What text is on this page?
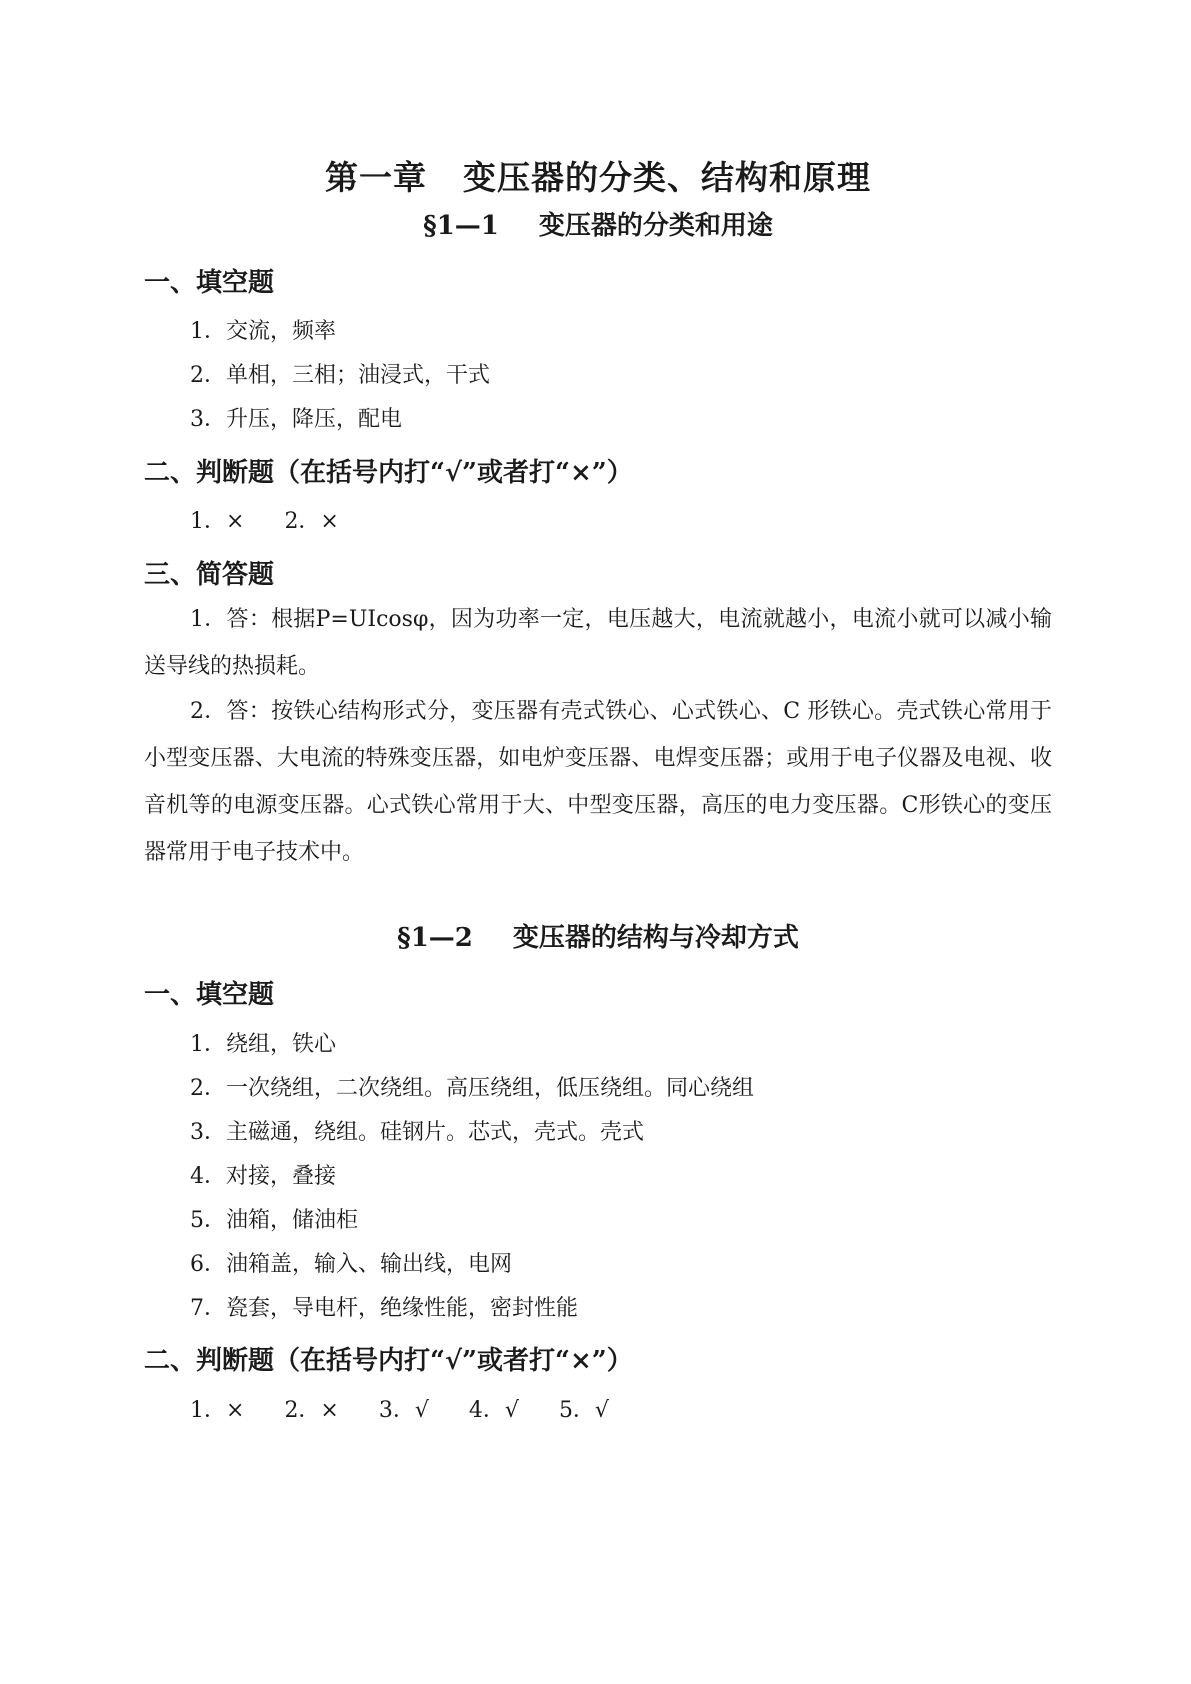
第一章 变压器的分类、结构和原理
§1—1 变压器的分类和用途
一、填空题
1．交流，频率
2．单相，三相；油浸式，干式
3．升压，降压，配电
二、判断题（在括号内打“√”或者打“×”）
1．× 2．×
三、简答题
1．答：根据P=UIcosφ，因为功率一定，电压越大，电流就越小，电流小就可以减小输送导线的热损耗。
2．答：按铁心结构形式分，变压器有壳式铁心、心式铁心、C 形铁心。壳式铁心常用于小型变压器、大电流的特殊变压器，如电炉变压器、电焊变压器；或用于电子仪器及电视、收音机等的电源变压器。心式铁心常用于大、中型变压器，高压的电力变压器。C形铁心的变压器常用于电子技术中。
§1—2 变压器的结构与冷却方式
一、填空题
1．绕组，铁心
2．一次绕组，二次绕组。高压绕组，低压绕组。同心绕组
3．主磁通，绕组。硅钢片。芯式，壳式。壳式
4．对接，叠接
5．油箱，储油柜
6．油箱盖，输入、输出线，电网
7．瓷套，导电杆，绝缘性能，密封性能
二、判断题（在括号内打“√”或者打“×”）
1．× 2．× 3．√ 4．√ 5．√
